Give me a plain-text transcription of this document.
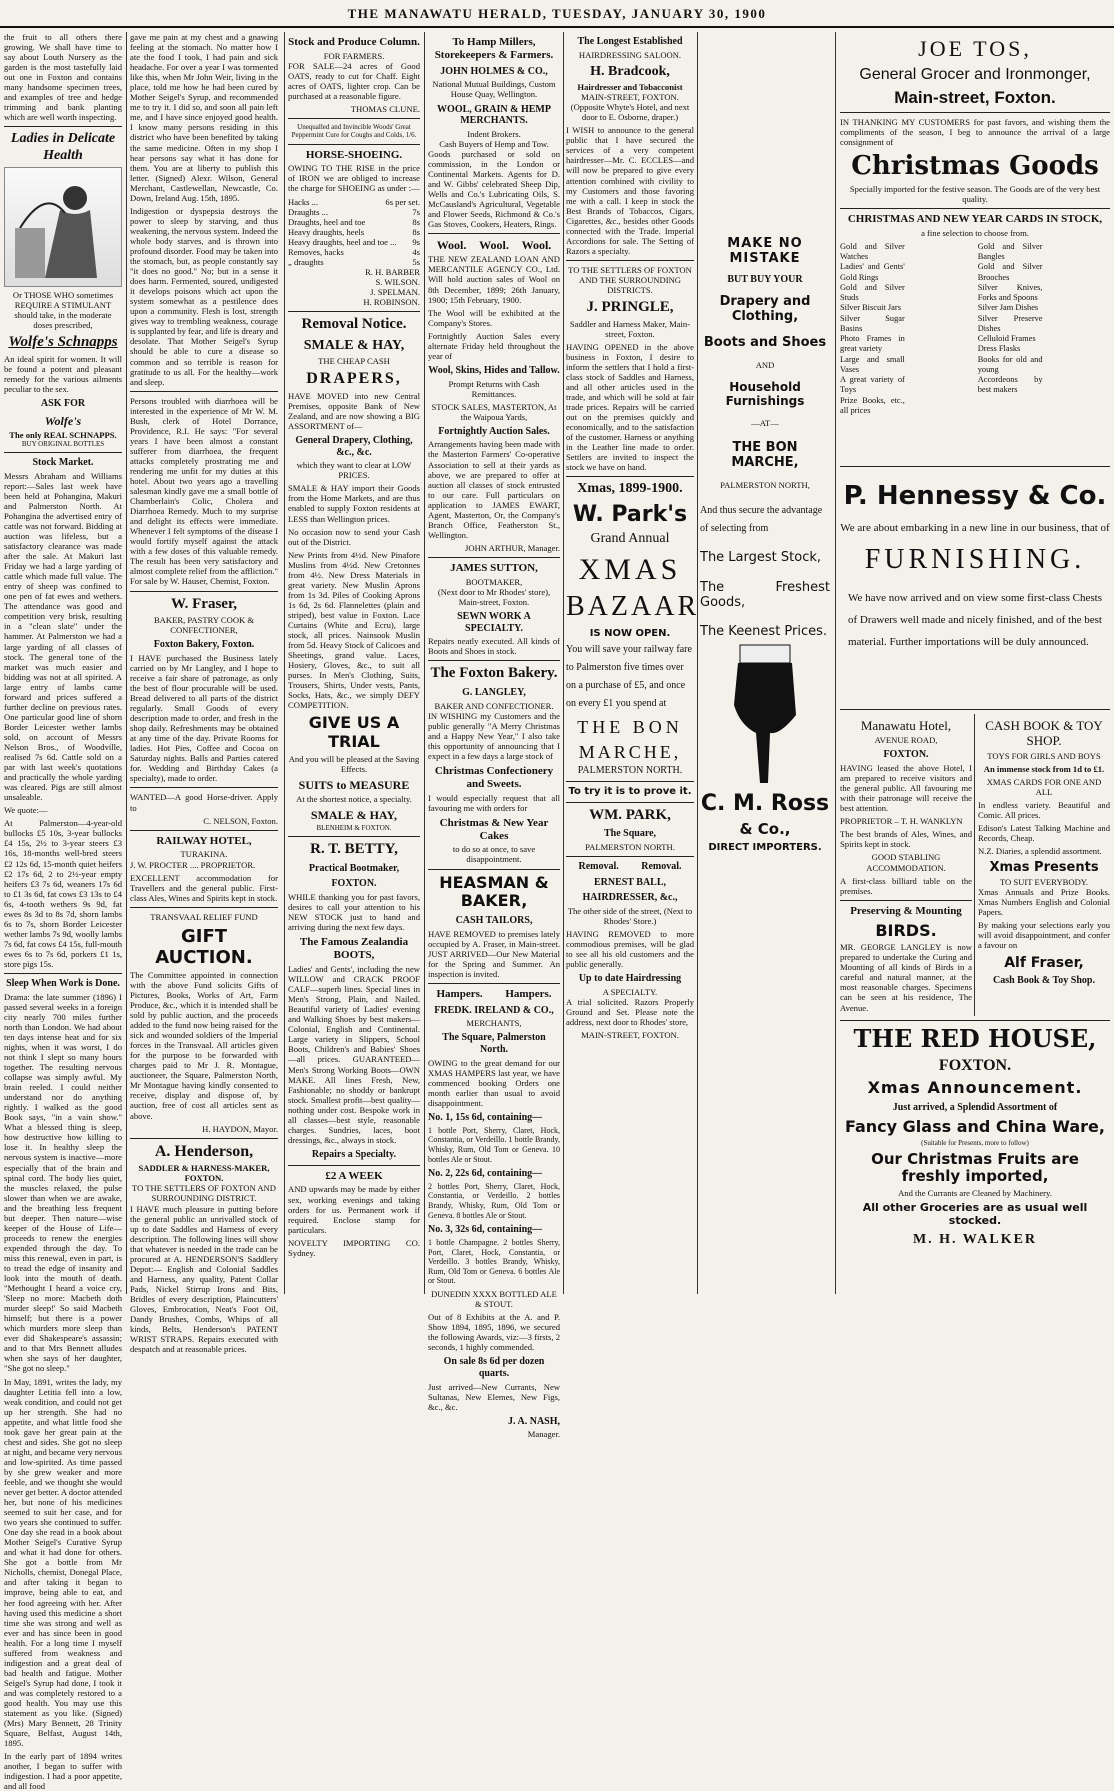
THE MANAWATU HERALD, TUESDAY, JANUARY 30, 1900

the fruit to all others there growing. We shall have time to say about Louth Nursery as the garden is the most tastefully laid out one in Foxton and contains many handsome specimen trees, and examples of tree and hedge trimming and bank planting which are well worth inspecting.

Ladies in Delicate Health

Or THOSE WHO sometimes REQUIRE A STIMULANT should take, in the moderate doses prescribed,

Wolfe's Schnapps

An ideal spirit for women. It will be found a potent and pleasant remedy for the various ailments peculiar to the sex.

ASK FOR
Wolfe's
The only REAL SCHNAPPS.
BUY ORIGINAL BOTTLES
Stock Market.

Messrs Abraham and Williams report:—Sales last week have been held at Pohangina, Makuri and Palmerston North. At Pohangina the advertised entry of cattle was not forward. Bidding at auction was lifeless, but a satisfactory clearance was made after the sale. At Makuri last Friday we had a large yarding of cattle which made full value. The entry of sheep was confined to one pen of fat ewes and wethers. The attendance was good and competition very brisk, resulting in a "clean slate" under the hammer. At Palmerston we had a large yarding of all classes of stock. The general tone of the market was much easier and bidding was not at all spirited. A large entry of lambs came forward and prices suffered a further decline on previous rates. One particular good line of shorn Border Leicester wether lambs sold, on account of Messrs Nelson Bros., of Woodville, realised 7s 6d. Cattle sold on a par with last week's quotations and practically the whole yarding was cleared. Pigs are still almost unsaleable.

We quote:—

At Palmerston—4-year-old bullocks £5 10s, 3-year bullocks £4 15s, 2½ to 3-year steers £3 16s, 18-months well-bred steers £2 12s 6d, 15-month quiet heifers £2 17s 6d, 2 to 2½-year empty heifers £3 7s 6d, weaners 17s 6d to £1 3s 6d, fat cows £3 13s to £4 6s, 4-tooth wethers 9s 9d, fat ewes 8s 3d to 8s 7d, shorn lambs 6s to 7s, shorn Border Leicester wether lambs 7s 9d, woolly lambs 7s 6d, fat cows £4 15s, full-mouth ewes 6s to 7s 6d, porkers £1 1s, store pigs 15s.

Sleep When Work is Done.

Drama: the late summer (1896) I passed several weeks in a foreign city nearly 700 miles further north than London. We had about ten days intense heat and for six nights, when it was worst, I do not think I slept so many hours together. The resulting nervous collapse was simply awful. My brain reeled. I could neither understand nor do anything rightly. I walked as the good Book says, "in a vain show." What a blessed thing is sleep, how destructive how killing to lose it. In healthy sleep the nervous system is inactive—more especially that of the brain and spinal cord. The body lies quiet, the muscles relaxed, the pulse slower than when we are awake, and the breathing less frequent but deeper. Then nature—wise keeper of the House of Life—proceeds to renew the energies expended through the day. To miss this renewal, even in part, is to tread the edge of insanity and look into the mouth of death. "Methought I heard a voice cry, 'Sleep no more: Macbeth doth murder sleep!' So said Macbeth himself; but there is a power which murders more sleep than ever did Shakespeare's assassin; and to that Mrs Bennett alludes when she says of her daughter, "She got no sleep."

In May, 1891, writes the lady, my daughter Letitia fell into a low, weak condition, and could not get up her strength. She had no appetite, and what little food she took gave her great pain at the chest and sides. She got no sleep at night, and became very nervous and low-spirited. As time passed by she grew weaker and more feeble, and we thought she would never get better. A doctor attended her, but none of his medicines seemed to suit her case, and for two years she continued to suffer. One day she read in a book about Mother Seigel's Curative Syrup and what it had done for others. She got a bottle from Mr Nicholls, chemist, Donegal Place, and after taking it began to improve, being able to eat, and her food agreeing with her. After having used this medicine a short time she was strong and well as ever and has since been in good health. For a long time I myself suffered from weakness and indigestion and a great deal of bad health and fatigue. Mother Seigel's Syrup had done, I took it and was completely restored to a good health. You may use this statement as you like. (Signed) (Mrs) Mary Bennett, 28 Trinity Square, Belfast, August 14th, 1895.

In the early part of 1894 writes another, I began to suffer with indigestion. I had a poor appetite, and all food

gave me pain at my chest and a gnawing feeling at the stomach. No matter how I ate the food I took, I had pain and sick headache. For over a year I was tormented like this, when Mr John Weir, living in the place, told me how he had been cured by Mother Seigel's Syrup, and recommended me to try it. I did so, and soon all pain left me, and I have since enjoyed good health. I know many persons residing in this district who have been benefited by taking the same medicine. Often in my shop I hear persons say what it has done for them. You are at liberty to publish this letter. (Signed) Alexr. Wilson, General Merchant, Castlewellan, Newcastle, Co. Down, Ireland Aug. 15th, 1895.

Indigestion or dyspepsia destroys the power to sleep by starving, and thus weakening, the nervous system. Indeed the whole body starves, and is thrown into profound disorder. Food may be taken into the stomach, but, as people constantly say "it does no good." No; but in a sense it does harm. Fermented, soured, undigested it develops poisons which act upon the system somewhat as a pestilence does upon a community. Flesh is lost, strength gives way to trembling weakness, courage is supplanted by fear, and life is dreary and desolate. That Mother Seigel's Syrup should be able to cure a disease so common and so terrible is reason for gratitude to us all. For the healthy—work and sleep.

Persons troubled with diarrhoea will be interested in the experience of Mr W. M. Bush, clerk of Hotel Dorrance, Providence, R.I. He says: "For several years I have been almost a constant sufferer from diarrhoea, the frequent attacks completely prostrating me and rendering me unfit for my duties at this hotel. About two years ago a travelling salesman kindly gave me a small bottle of Chamberlain's Colic, Cholera and Diarrhoea Remedy. Much to my surprise and delight its effects were immediate. Whenever I felt symptoms of the disease I would fortify myself against the attack with a few doses of this valuable remedy. The result has been very satisfactory and almost complete relief from the affliction." For sale by W. Hauser, Chemist, Foxton.

W. Fraser,
BAKER, PASTRY COOK & CONFECTIONER,
Foxton Bakery, Foxton.

I HAVE purchased the Business lately carried on by Mr Langley, and I hope to receive a fair share of patronage, as only the best of flour procurable will be used. Bread delivered to all parts of the district regularly. Small Goods of every description made to order, and fresh in the shop daily. Refreshments may be obtained at any time of the day. Private Rooms for ladies. Hot Pies, Coffee and Cocoa on Saturday nights. Balls and Parties catered for. Wedding and Birthday Cakes (a specialty), made to order.

WANTED—A good Horse-driver. Apply to

C. NELSON, Foxton.

RAILWAY HOTEL,
TURAKINA.

J. W. PROCTER .... PROPRIETOR.

EXCELLENT accommodation for Travellers and the general public. First-class Ales, Wines and Spirits kept in stock.

TRANSVAAL RELIEF FUND
GIFT AUCTION.

The Committee appointed in connection with the above Fund solicits Gifts of Pictures, Books, Works of Art, Farm Produce, &c., which it is intended shall be sold by public auction, and the proceeds added to the fund now being raised for the sick and wounded soldiers of the Imperial forces in the Transvaal. All articles given for the purpose to be forwarded with charges paid to Mr J. R. Montague, auctioneer, the Square, Palmerston North, Mr Montague having kindly consented to receive, display and dispose of, by auction, free of cost all articles sent as above.

H. HAYDON, Mayor.

A. Henderson,
SADDLER & HARNESS-MAKER, FOXTON.
TO THE SETTLERS OF FOXTON AND SURROUNDING DISTRICT.

I HAVE much pleasure in putting before the general public an unrivalled stock of up to date Saddles and Harness of every description. The following lines will show that whatever is needed in the trade can be procured at A. HENDERSON'S Saddlery Depot:— English and Colonial Saddles and Harness, any quality, Patent Collar Pads, Nickel Stirrup Irons and Bits, Bridles of every description, Plaincutters' Gloves, Embrocation, Neat's Foot Oil, Dandy Brushes, Combs, Whips of all kinds, Belts, Henderson's PATENT WRIST STRAPS. Repairs executed with despatch and at reasonable prices.

Stock and Produce Column.
FOR FARMERS.

FOR SALE—24 acres of Good OATS, ready to cut for Chaff. Eight acres of OATS, lighter crop. Can be purchased at a reasonable figure.

THOMAS CLUNE.

Unequalled and Invincible Woods' Great Peppermint Cure for Coughs and Colds, 1/6.

HORSE-SHOEING.

OWING TO THE RISE in the price of IRON we are obliged to increase the charge for SHOEING as under :—

Hacks ...	6s per set.
Draughts ...	7s
Draughts, heel and toe	8s
Heavy draughts, heels	8s
Heavy draughts, heel and toe ... 9s
Removes, hacks	4s
„ draughts	5s
R. H. BARBER
S. WILSON.
J. SPELMAN.
H. ROBINSON.
Removal Notice.
SMALE & HAY,
THE CHEAP CASH
DRAPERS,

HAVE MOVED into new Central Premises, opposite Bank of New Zealand, and are now showing a BIG ASSORTMENT of—

General Drapery, Clothing, &c., &c.

which they want to clear at LOW PRICES.

SMALE & HAY import their Goods from the Home Markets, and are thus enabled to supply Foxton residents at LESS than Wellington prices.

No occasion now to send your Cash out of the District.

New Prints from 4½d. New Pinafore Muslins from 4½d. New Cretonnes from 4½. New Dress Materials in great variety. New Muslin Aprons from 1s 3d. Piles of Cooking Aprons 1s 6d, 2s 6d. Flannelettes (plain and striped), best value in Foxton. Lace Curtains (White and Ecru), large stock, all prices. Nainsook Muslin from 5d. Heavy Stock of Calicoes and Sheetings, grand value. Laces, Hosiery, Gloves, &c., to suit all purses. In Men's Clothing, Suits, Trousers, Shirts, Under vests, Pants, Socks, Hats, &c., we simply DEFY COMPETITION.

GIVE US A TRIAL

And you will be pleased at the Saving Effects.

SUITS to MEASURE

At the shortest notice, a specialty.

SMALE & HAY,
BLENHEIM & FOXTON.
R. T. BETTY,
Practical Bootmaker,
FOXTON.

WHILE thanking you for past favors, desires to call your attention to his NEW STOCK just to hand and arriving during the next few days.

The Famous Zealandia BOOTS,

Ladies' and Gents', including the new WILLOW and CRACK PROOF CALF—superb lines. Special lines in Men's Strong, Plain, and Nailed. Beautiful variety of Ladies' evening and Walking Shoes by best makers—Colonial, English and Continental. Large variety in Slippers, School Boots, Children's and Babies' Shoes—all prices. GUARANTEED—Men's Strong Working Boots—OWN MAKE. All lines Fresh, New, Fashionable; no shoddy or bankrupt stock. Smallest profit—best quality—nothing under cost. Bespoke work in all classes—best style, reasonable charges. Sundries, laces, boot dressings, &c., always in stock.

Repairs a Specialty.
£2 A WEEK

AND upwards may be made by either sex, working evenings and taking orders for us. Permanent work if required. Enclose stamp for particulars.

NOVELTY IMPORTING CO. Sydney.

To Hamp Millers, Storekeepers & Farmers.
JOHN HOLMES & CO.,

National Mutual Buildings, Custom House Quay, Wellington.

WOOL, GRAIN & HEMP MERCHANTS.
Indent Brokers.
Cash Buyers of Hemp and Tow.

Goods purchased or sold on commission, in the London or Continental Markets. Agents for D. and W. Gibbs' celebrated Sheep Dip, Wells and Co.'s Lubricating Oils, S. McCausland's Agricultural, Vegetable and Flower Seeds, Richmond & Co.'s Gas Stoves, Cookers, Heaters, Rings.

Wool. Wool. Wool.

THE NEW ZEALAND LOAN AND MERCANTILE AGENCY CO., Ltd. Will hold auction sales of Wool on 8th December, 1899; 26th January, 1900; 15th February, 1900.

The Wool will be exhibited at the Company's Stores.

Fortnightly Auction Sales every alternate Friday held throughout the year of

Wool, Skins, Hides and Tallow.

Prompt Returns with Cash Remittances.

STOCK SALES, MASTERTON, At the Waipoua Yards,

Fortnightly Auction Sales.

Arrangements having been made with the Masterton Farmers' Co-operative Association to sell at their yards as above, we are prepared to offer at auction all classes of stock entrusted to our care. Full particulars on application to JAMES EWART, Agent, Masterton, Or, the Company's Branch Office, Featherston St., Wellington.

JOHN ARTHUR, Manager.

JAMES SUTTON,
BOOTMAKER,

(Next door to Mr Rhodes' store), Main-street, Foxton.

SEWN WORK A SPECIALTY.

Repairs neatly executed. All kinds of Boots and Shoes in stock.

The Foxton Bakery.
G. LANGLEY,
BAKER AND CONFECTIONER.

IN WISHING my Customers and the public generally "A Merry Christmas and a Happy New Year," I also take this opportunity of announcing that I expect in a few days a large stock of

Christmas Confectionery and Sweets.

I would especially request that all favouring me with orders for

Christmas & New Year Cakes

to do so at once, to save disappointment.

HEASMAN & BAKER,
CASH TAILORS,

HAVE REMOVED to premises lately occupied by A. Fraser, in Main-street. JUST ARRIVED—Our New Material for the Spring and Summer. An inspection is invited.

Hampers. Hampers.
FREDK. IRELAND & CO.,
MERCHANTS,
The Square, Palmerston North.

OWING to the great demand for our XMAS HAMPERS last year, we have commenced booking Orders one month earlier than usual to avoid disappointment.

No. 1, 15s 6d, containing—

1 bottle Port, Sherry, Claret, Hock, Constantia, or Verdeillo. 1 bottle Brandy, Whisky, Rum, Old Tom or Geneva. 10 bottles Ale or Stout.

No. 2, 22s 6d, containing—

2 bottles Port, Sherry, Claret, Hock, Constantia, or Verdeillo. 2 bottles Brandy, Whisky, Rum, Old Tom or Geneva. 8 bottles Ale or Stout.

No. 3, 32s 6d, containing—

1 bottle Champagne. 2 bottles Sherry, Port, Claret, Hock, Constantia, or Verdeillo. 3 bottles Brandy, Whisky, Rum, Old Tom or Geneva. 6 bottles Ale or Stout.

DUNEDIN XXXX BOTTLED ALE & STOUT.

Out of 8 Exhibits at the A. and P. Show 1894, 1895, 1896, we secured the following Awards, viz:—3 firsts, 2 seconds, 1 highly commended.

On sale 8s 6d per dozen quarts.

Just arrived—New Currants, New Sultanas, New Elemes, New Figs, &c., &c.

J. A. NASH,

Manager.

The Longest Established
HAIRDRESSING SALOON.
H. Bradcook,
Hairdresser and Tobacconist
MAIN-STREET, FOXTON.

(Opposite Whyte's Hotel, and next door to E. Osborne, draper.)

I WISH to announce to the general public that I have secured the services of a very competent hairdresser—Mr. C. ECCLES—and will now be prepared to give every attention combined with civility to my Customers and those favoring me with a call. I keep in stock the Best Brands of Tobaccos, Cigars, Cigarettes, &c., besides other Goods connected with the Trade. Imperial Accordions for sale. The Setting of Razors a specialty.

TO THE SETTLERS OF FOXTON AND THE SURROUNDING DISTRICTS.

J. PRINGLE,

Saddler and Harness Maker, Main-street, Foxton.

HAVING OPENED in the above business in Foxton, I desire to inform the settlers that I hold a first-class stock of Saddles and Harness, and all other articles used in the trade, and which will be sold at fair trade prices. Repairs will be carried out on the premises quickly and economically, and to the satisfaction of the customer. Harness or anything in the Leather line made to order. Settlers are invited to inspect the stock we have on hand.

Xmas, 1899-1900.
W. Park's
Grand Annual
XMAS
BAZAAR
IS NOW OPEN.

You will save your railway fare to Palmerston five times over on a purchase of £5, and once on every £1 you spend at

THE BON
MARCHE,
PALMERSTON NORTH.
To try it is to prove it.
WM. PARK,
The Square,
PALMERSTON NORTH.
Removal. Removal.
ERNEST BALL,
HAIRDRESSER, &c.,

The other side of the street, (Next to Rhodes' Store.)

HAVING REMOVED to more commodious premises, will be glad to see all his old customers and the public generally.

Up to date Hairdressing
A SPECIALTY.

A trial solicited. Razors Properly Ground and Set. Please note the address, next door to Rhodes' store,

MAIN-STREET, FOXTON.
MAKE NO MISTAKE
BUT BUY YOUR
Drapery and Clothing,
Boots and Shoes
AND
Household Furnishings
—AT—
THE BON MARCHE,
PALMERSTON NORTH,

And thus secure the advantage of selecting from

The Largest Stock,
The Freshest Goods,
The Keenest Prices.
C. M. Ross
& Co.,
DIRECT IMPORTERS.
JOE TOS,
General Grocer and Ironmonger,
Main-street, Foxton.

IN THANKING MY CUSTOMERS for past favors, and wishing them the compliments of the season, I beg to announce the arrival of a large consignment of

Christmas Goods

Specially imported for the festive season. The Goods are of the very best quality.

CHRISTMAS AND NEW YEAR CARDS IN STOCK,
a fine selection to choose from.
Gold and Silver Watches
Ladies' and Gents' Gold Rings
Gold and Silver Studs
Silver Biscuit Jars
Silver Sugar Basins
Photo Frames in great variety
Large and small Vases
A great variety of Toys
Prize Books, etc., all prices
Gold and Silver Bangles
Gold and Silver Brooches
Silver Knives, Forks and Spoons
Silver Jam Dishes
Silver Preserve Dishes
Celluloid Frames
Dress Flasks
Books for old and young
Accordeons by best makers
P. Hennessy & Co.

We are about embarking in a new line in our business, that of

FURNISHING.

We have now arrived and on view some first-class Chests of Drawers well made and nicely finished, and of the best material. Further importations will be duly announced.

Manawatu Hotel,
AVENUE ROAD,
FOXTON.

HAVING leased the above Hotel, I am prepared to receive visitors and the general public. All favouring me with their patronage will receive the best attention.

PROPRIETOR – T. H. WANKLYN

The best brands of Ales, Wines, and Spirits kept in stock.

GOOD STABLING ACCOMMODATION.

A first-class billiard table on the premises.

Preserving & Mounting
BIRDS.

MR. GEORGE LANGLEY is now prepared to undertake the Curing and Mounting of all kinds of Birds in a careful and natural manner, at the most reasonable charges. Specimens can be seen at his residence, The Avenue.

CASH BOOK & TOY SHOP.

TOYS FOR GIRLS AND BOYS

An immense stock from 1d to £1.

XMAS CARDS FOR ONE AND ALL

In endless variety. Beautiful and Comic. All prices.

Edison's Latest Talking Machine and Records, Cheap.

N.Z. Diaries, a splendid assortment.

Xmas Presents
TO SUIT EVERYBODY.

Xmas Annuals and Prize Books. Xmas Numbers English and Colonial Papers.

By making your selections early you will avoid disappointment, and confer a favour on

Alf Fraser,
Cash Book & Toy Shop.
THE RED HOUSE,
FOXTON.
Xmas Announcement.
Just arrived, a Splendid Assortment of
Fancy Glass and China Ware,
(Suitable for Presents, more to follow)
Our Christmas Fruits are freshly imported,
And the Currants are Cleaned by Machinery.
All other Groceries are as usual well stocked.
M. H. WALKER
